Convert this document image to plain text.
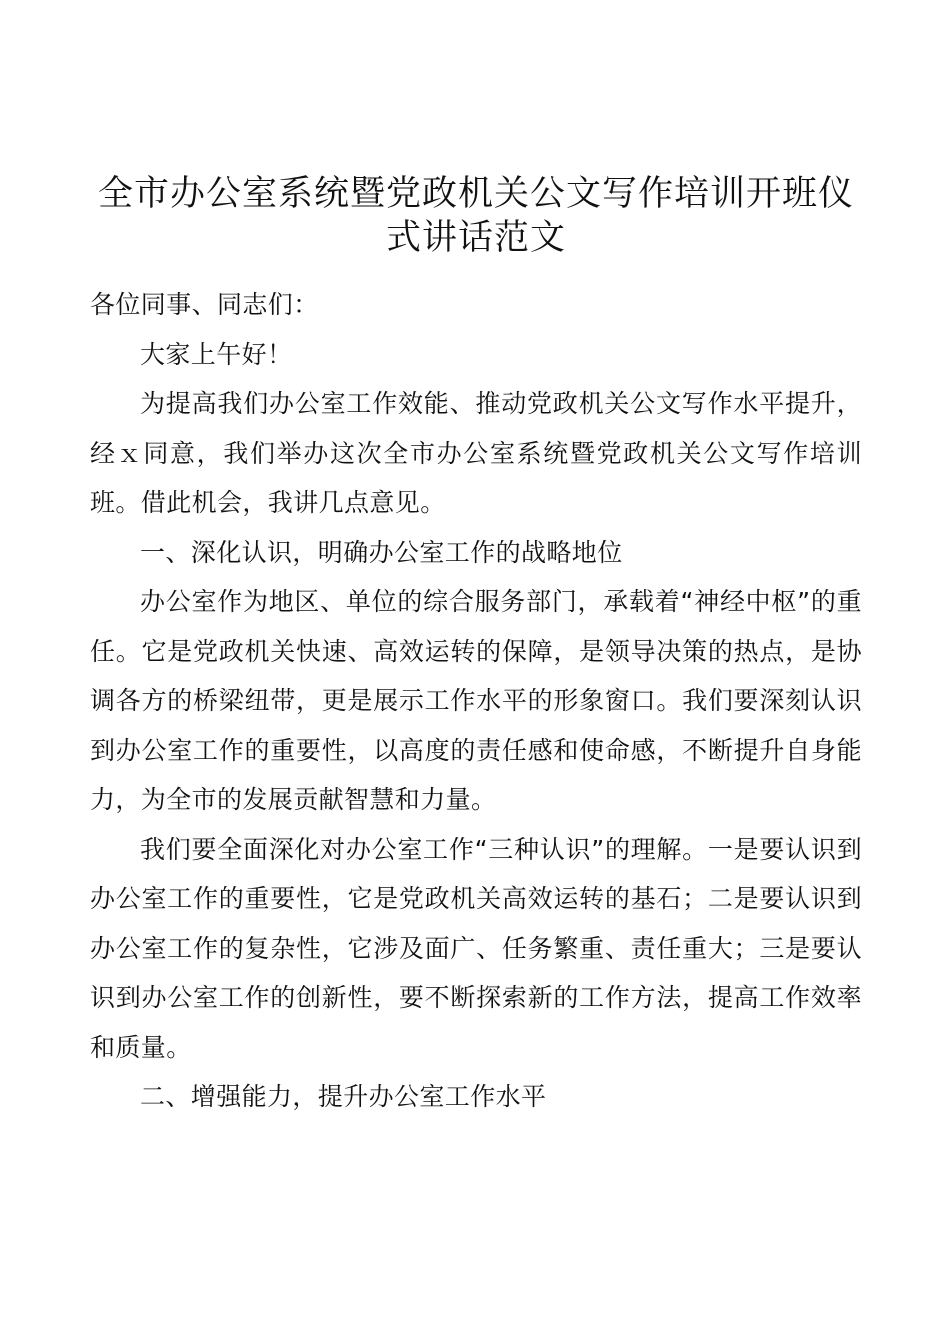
全市办公室系统暨党政机关公文写作培训开班仪式讲话范文

各位同事、同志们：

大家上午好！

为提高我们办公室工作效能、推动党政机关公文写作水平提升，经ｘ同意，我们举办这次全市办公室系统暨党政机关公文写作培训班。借此机会，我讲几点意见。

一、深化认识，明确办公室工作的战略地位

办公室作为地区、单位的综合服务部门，承载着“神经中枢”的重任。它是党政机关快速、高效运转的保障，是领导决策的热点，是协调各方的桥梁纽带，更是展示工作水平的形象窗口。我们要深刻认识到办公室工作的重要性，以高度的责任感和使命感，不断提升自身能力，为全市的发展贡献智慧和力量。

我们要全面深化对办公室工作“三种认识”的理解。一是要认识到办公室工作的重要性，它是党政机关高效运转的基石；二是要认识到办公室工作的复杂性，它涉及面广、任务繁重、责任重大；三是要认识到办公室工作的创新性，要不断探索新的工作方法，提高工作效率和质量。

二、增强能力，提升办公室工作水平
